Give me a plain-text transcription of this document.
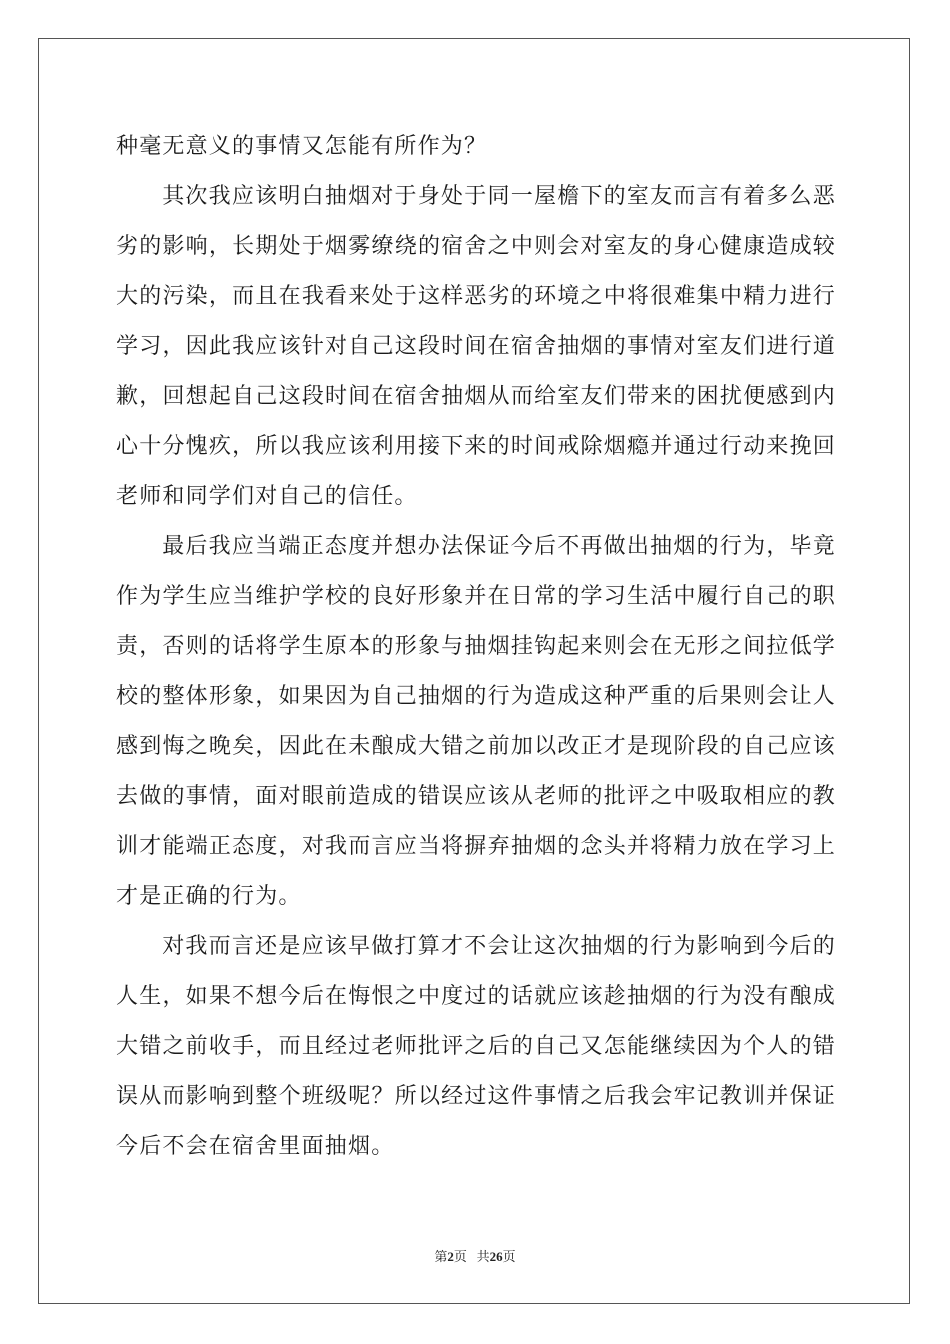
种毫无意义的事情又怎能有所作为？

其次我应该明白抽烟对于身处于同一屋檐下的室友而言有着多么恶劣的影响，长期处于烟雾缭绕的宿舍之中则会对室友的身心健康造成较大的污染，而且在我看来处于这样恶劣的环境之中将很难集中精力进行学习，因此我应该针对自己这段时间在宿舍抽烟的事情对室友们进行道歉，回想起自己这段时间在宿舍抽烟从而给室友们带来的困扰便感到内心十分愧疚，所以我应该利用接下来的时间戒除烟瘾并通过行动来挽回老师和同学们对自己的信任。

最后我应当端正态度并想办法保证今后不再做出抽烟的行为，毕竟作为学生应当维护学校的良好形象并在日常的学习生活中履行自己的职责，否则的话将学生原本的形象与抽烟挂钩起来则会在无形之间拉低学校的整体形象，如果因为自己抽烟的行为造成这种严重的后果则会让人感到悔之晚矣，因此在未酿成大错之前加以改正才是现阶段的自己应该去做的事情，面对眼前造成的错误应该从老师的批评之中吸取相应的教训才能端正态度，对我而言应当将摒弃抽烟的念头并将精力放在学习上才是正确的行为。

对我而言还是应该早做打算才不会让这次抽烟的行为影响到今后的人生，如果不想今后在悔恨之中度过的话就应该趁抽烟的行为没有酿成大错之前收手，而且经过老师批评之后的自己又怎能继续因为个人的错误从而影响到整个班级呢？所以经过这件事情之后我会牢记教训并保证今后不会在宿舍里面抽烟。

第2页 共26页
